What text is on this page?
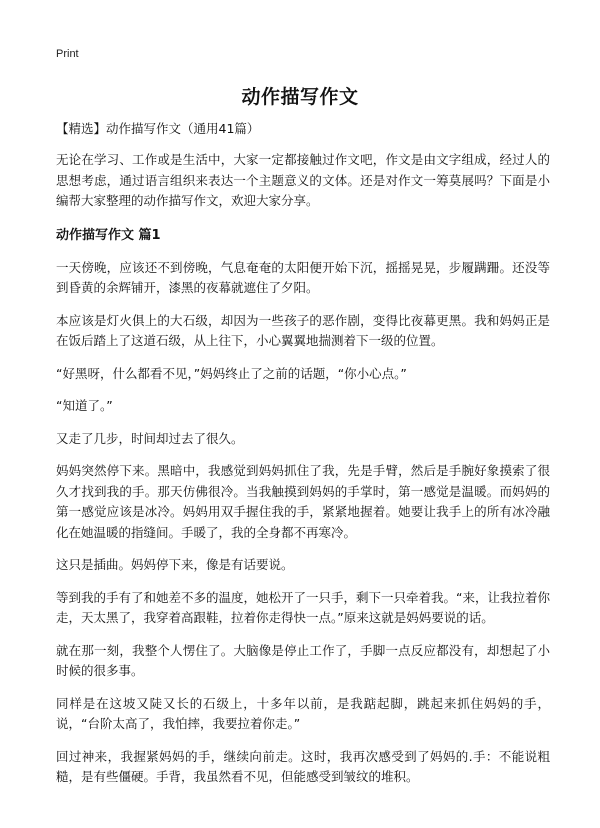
Print
动作描写作文

【精选】动作描写作文（通用41篇）

无论在学习、工作或是生活中，大家一定都接触过作文吧，作文是由文字组成，经过人的思想考虑，通过语言组织来表达一个主题意义的文体。还是对作文一筹莫展吗？下面是小编帮大家整理的动作描写作文，欢迎大家分享。

动作描写作文 篇1

一天傍晚，应该还不到傍晚，气息奄奄的太阳便开始下沉，摇摇晃晃，步履蹒跚。还没等到昏黄的余辉铺开，漆黑的夜幕就遮住了夕阳。

本应该是灯火俱上的大石级，却因为一些孩子的恶作剧，变得比夜幕更黑。我和妈妈正是在饭后踏上了这道石级，从上往下，小心翼翼地揣测着下一级的位置。

“好黑呀，什么都看不见，”妈妈终止了之前的话题，“你小心点。”

“知道了。”

又走了几步，时间却过去了很久。

妈妈突然停下来。黑暗中，我感觉到妈妈抓住了我，先是手臂，然后是手腕好象摸索了很久才找到我的手。那天仿佛很冷。当我触摸到妈妈的手掌时，第一感觉是温暖。而妈妈的第一感觉应该是冰冷。妈妈用双手握住我的手，紧紧地握着。她要让我手上的所有冰冷融化在她温暖的指缝间。手暖了，我的全身都不再寒冷。

这只是插曲。妈妈停下来，像是有话要说。

等到我的手有了和她差不多的温度，她松开了一只手，剩下一只牵着我。“来，让我拉着你走，天太黑了，我穿着高跟鞋，拉着你走得快一点。”原来这就是妈妈要说的话。

就在那一刻，我整个人愣住了。大脑像是停止工作了，手脚一点反应都没有，却想起了小时候的很多事。

同样是在这坡又陡又长的石级上，十多年以前，是我踮起脚，跳起来抓住妈妈的手，说，“台阶太高了，我怕摔，我要拉着你走。”

回过神来，我握紧妈妈的手，继续向前走。这时，我再次感受到了妈妈的.手：不能说粗糙，是有些僵硬。手背，我虽然看不见，但能感受到皱纹的堆积。
